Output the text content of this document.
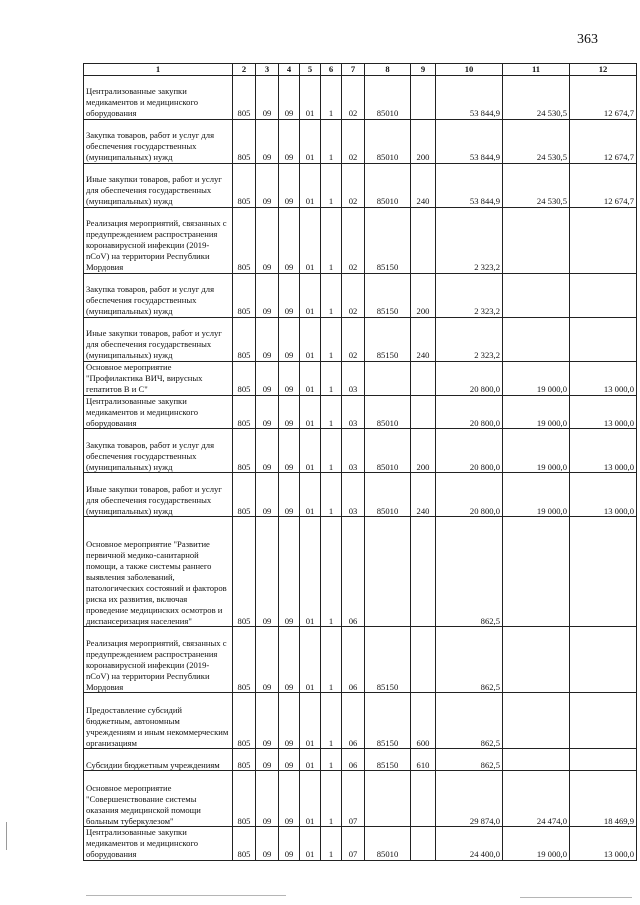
363
1	2	3	4	5	6	7	8	9	10	11	12
Централизованные закупки медикаментов и медицинского оборудования	805	09	09	01	1	02	85010		53 844,9	24 530,5	12 674,7
Закупка товаров, работ и услуг для обеспечения государственных (муниципальных) нужд	805	09	09	01	1	02	85010	200	53 844,9	24 530,5	12 674,7
Иные закупки товаров, работ и услуг для обеспечения государственных (муниципальных) нужд	805	09	09	01	1	02	85010	240	53 844,9	24 530,5	12 674,7
Реализация мероприятий, связанных с предупреждением распространения коронавирусной инфекции (2019-nCoV) на территории Республики Мордовия	805	09	09	01	1	02	85150		2 323,2		
Закупка товаров, работ и услуг для обеспечения государственных (муниципальных) нужд	805	09	09	01	1	02	85150	200	2 323,2		
Иные закупки товаров, работ и услуг для обеспечения государственных (муниципальных) нужд	805	09	09	01	1	02	85150	240	2 323,2		
Основное мероприятие "Профилактика ВИЧ, вирусных гепатитов В и С"	805	09	09	01	1	03			20 800,0	19 000,0	13 000,0
Централизованные закупки медикаментов и медицинского оборудования	805	09	09	01	1	03	85010		20 800,0	19 000,0	13 000,0
Закупка товаров, работ и услуг для обеспечения государственных (муниципальных) нужд	805	09	09	01	1	03	85010	200	20 800,0	19 000,0	13 000,0
Иные закупки товаров, работ и услуг для обеспечения государственных (муниципальных) нужд	805	09	09	01	1	03	85010	240	20 800,0	19 000,0	13 000,0
Основное мероприятие "Развитие первичной медико-санитарной помощи, а также системы раннего выявления заболеваний, патологических состояний и факторов риска их развития, включая проведение медицинских осмотров и диспансеризация населения"	805	09	09	01	1	06			862,5		
Реализация мероприятий, связанных с предупреждением распространения коронавирусной инфекции (2019-nCoV) на территории Республики Мордовия	805	09	09	01	1	06	85150		862,5		
Предоставление субсидий бюджетным, автономным учреждениям и иным некоммерческим организациям	805	09	09	01	1	06	85150	600	862,5		
Субсидии бюджетным учреждениям	805	09	09	01	1	06	85150	610	862,5		
Основное мероприятие "Совершенствование системы оказания медицинской помощи больным туберкулезом"	805	09	09	01	1	07			29 874,0	24 474,0	18 469,9
Централизованные закупки медикаментов и медицинского оборудования	805	09	09	01	1	07	85010		24 400,0	19 000,0	13 000,0
